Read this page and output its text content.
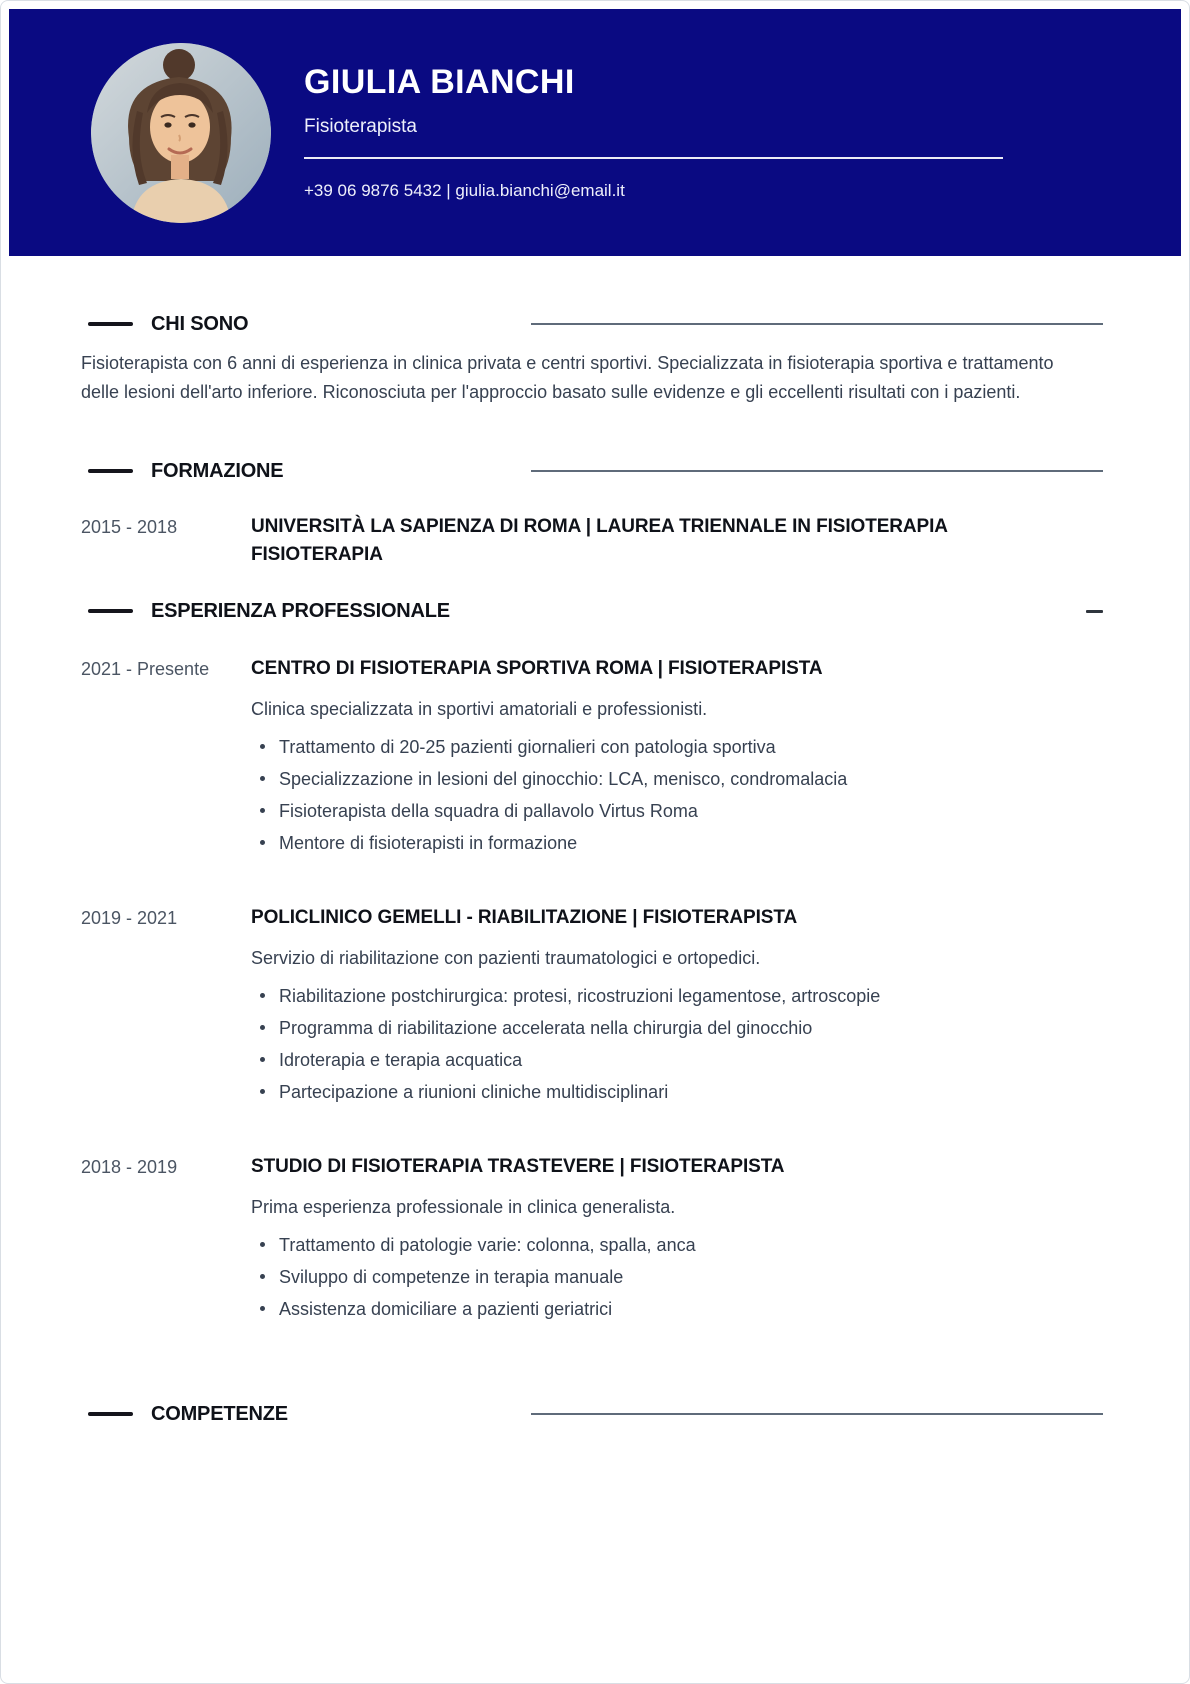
GIULIA BIANCHI
Fisioterapista
+39 06 9876 5432 | giulia.bianchi@email.it
CHI SONO

Fisioterapista con 6 anni di esperienza in clinica privata e centri sportivi. Specializzata in fisioterapia sportiva e trattamento delle lesioni dell'arto inferiore. Riconosciuta per l'approccio basato sulle evidenze e gli eccellenti risultati con i pazienti.

FORMAZIONE
2015 - 2018	UNIVERSITÀ LA SAPIENZA DI ROMA | LAUREA TRIENNALE IN FISIOTERAPIA
FISIOTERAPIA
ESPERIENZA PROFESSIONALE
2021 - Presente	CENTRO DI FISIOTERAPIA SPORTIVA ROMA | FISIOTERAPISTA

Clinica specializzata in sportivi amatoriali e professionisti.

Trattamento di 20-25 pazienti giornalieri con patologia sportiva
Specializzazione in lesioni del ginocchio: LCA, menisco, condromalacia
Fisioterapista della squadra di pallavolo Virtus Roma
Mentore di fisioterapisti in formazione
2019 - 2021	POLICLINICO GEMELLI - RIABILITAZIONE | FISIOTERAPISTA

Servizio di riabilitazione con pazienti traumatologici e ortopedici.

Riabilitazione postchirurgica: protesi, ricostruzioni legamentose, artroscopie
Programma di riabilitazione accelerata nella chirurgia del ginocchio
Idroterapia e terapia acquatica
Partecipazione a riunioni cliniche multidisciplinari
2018 - 2019	STUDIO DI FISIOTERAPIA TRASTEVERE | FISIOTERAPISTA

Prima esperienza professionale in clinica generalista.

Trattamento di patologie varie: colonna, spalla, anca
Sviluppo di competenze in terapia manuale
Assistenza domiciliare a pazienti geriatrici
COMPETENZE
